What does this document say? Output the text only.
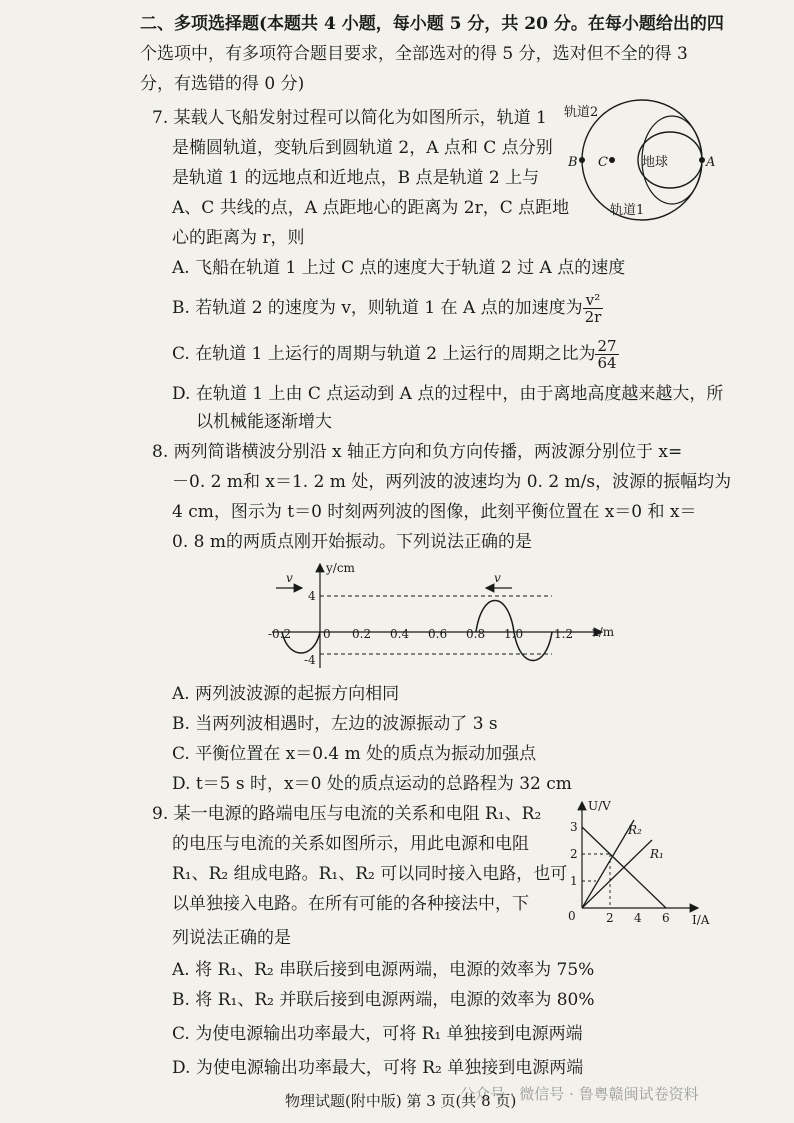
二、多项选择题(本题共 4 小题，每小题 5 分，共 20 分。在每小题给出的四
个选项中，有多项符合题目要求，全部选对的得 5 分，选对但不全的得 3
分，有选错的得 0 分)
7. 某载人飞船发射过程可以简化为如图所示，轨道 1
是椭圆轨道，变轨后到圆轨道 2，A 点和 C 点分别
是轨道 1 的远地点和近地点，B 点是轨道 2 上与
A、C 共线的点，A 点距地心的距离为 2r，C 点距地
心的距离为 r，则
轨道2
轨道1
地球
B C	A
A. 飞船在轨道 1 上过 C 点的速度大于轨道 2 过 A 点的速度
B. 若轨道 2 的速度为 v，则轨道 1 在 A 点的加速度为 $\frac{\text{v²}}{2r}$
C. 在轨道 1 上运行的周期与轨道 2 上运行的周期之比为 $\frac{27}{64}$
D. 在轨道 1 上由 C 点运动到 A 点的过程中，由于离地高度越来越大，所
以机械能逐渐增大
8. 两列简谐横波分别沿 x 轴正方向和负方向传播，两波源分别位于 x=
－0. 2 m和 x＝1. 2 m 处，两列波的波速均为 0. 2 m/s，波源的振幅均为
4 cm，图示为 t＝0 时刻两列波的图像，此刻平衡位置在 x＝0 和 x＝
0. 8 m的两质点刚开始振动。下列说法正确的是
v	v
y/cm
x/m
4
-4
-0.2	0 0.2 0.4 0.6 0.8 1.0	1.2
A. 两列波波源的起振方向相同
B. 当两列波相遇时，左边的波源振动了 3 s
C. 平衡位置在 x＝0.4 m 处的质点为振动加强点
D. t＝5 s 时，x＝0 处的质点运动的总路程为 32 cm
9. 某一电源的路端电压与电流的关系和电阻 R₁、R₂
的电压与电流的关系如图所示，用此电源和电阻
R₁、R₂ 组成电路。R₁、R₂ 可以同时接入电路，也可
以单独接入电路。在所有可能的各种接法中，下
列说法正确的是
U/V
I/A
0
1
2
3
2 4 6
R₂
R₁
A. 将 R₁、R₂ 串联后接到电源两端，电源的效率为 75%
B. 将 R₁、R₂ 并联后接到电源两端，电源的效率为 80%
C. 为使电源输出功率最大，可将 R₁ 单独接到电源两端
D. 为使电源输出功率最大，可将 R₂ 单独接到电源两端
公众号 · 微信号 · 鲁粤赣闽试卷资料
物理试题(附中版) 第 3 页(共 8 页)
